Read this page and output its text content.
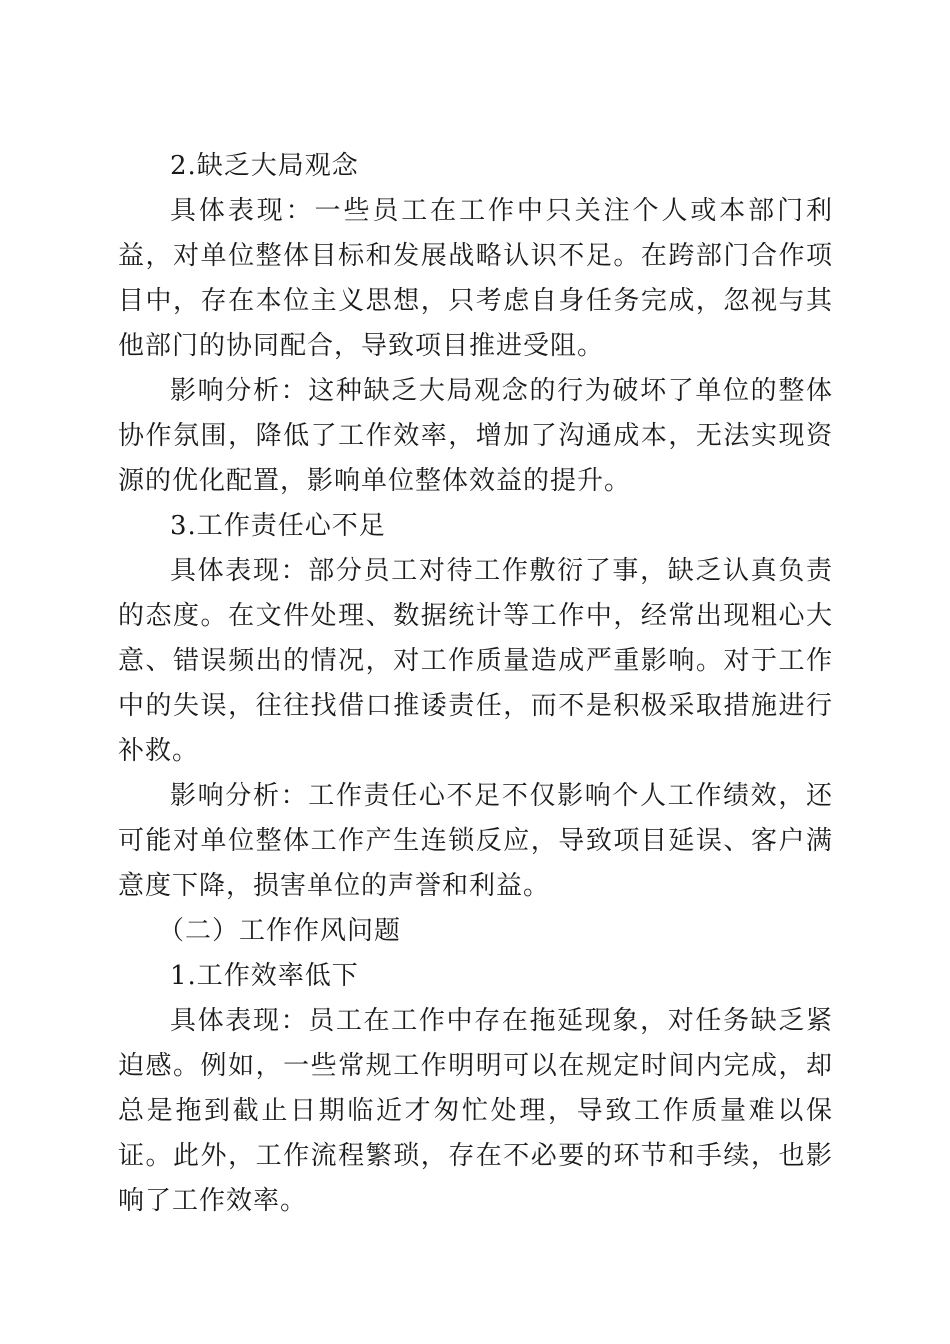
2.缺乏大局观念

具体表现：一些员工在工作中只关注个人或本部门利益，对单位整体目标和发展战略认识不足。在跨部门合作项目中，存在本位主义思想，只考虑自身任务完成，忽视与其他部门的协同配合，导致项目推进受阻。

影响分析：这种缺乏大局观念的行为破坏了单位的整体协作氛围，降低了工作效率，增加了沟通成本，无法实现资源的优化配置，影响单位整体效益的提升。

3.工作责任心不足

具体表现：部分员工对待工作敷衍了事，缺乏认真负责的态度。在文件处理、数据统计等工作中，经常出现粗心大意、错误频出的情况，对工作质量造成严重影响。对于工作中的失误，往往找借口推诿责任，而不是积极采取措施进行补救。

影响分析：工作责任心不足不仅影响个人工作绩效，还可能对单位整体工作产生连锁反应，导致项目延误、客户满意度下降，损害单位的声誉和利益。

（二）工作作风问题

1.工作效率低下

具体表现：员工在工作中存在拖延现象，对任务缺乏紧迫感。例如，一些常规工作明明可以在规定时间内完成，却总是拖到截止日期临近才匆忙处理，导致工作质量难以保证。此外，工作流程繁琐，存在不必要的环节和手续，也影响了工作效率。
